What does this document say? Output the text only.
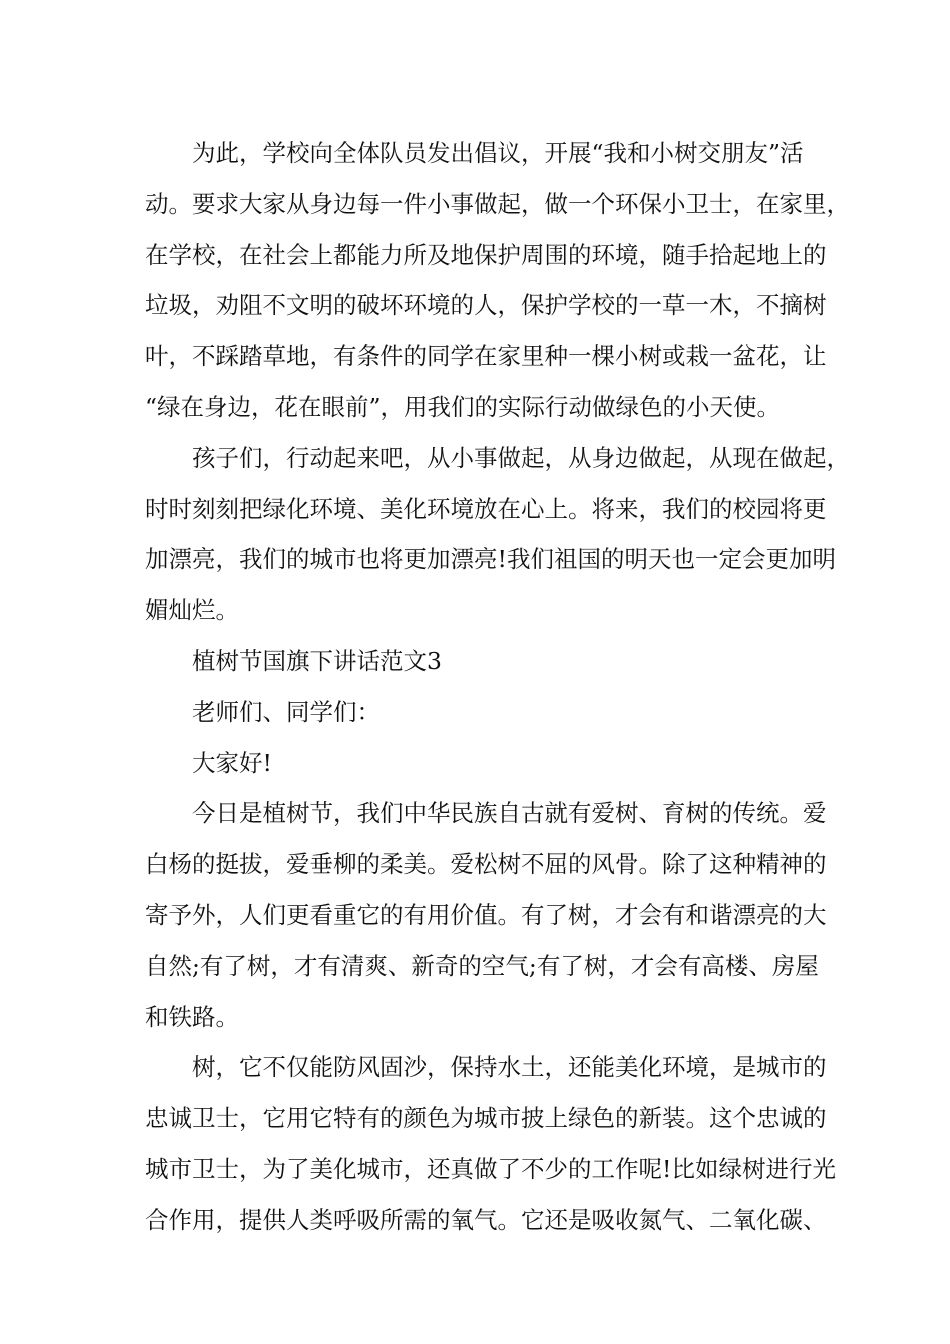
为此，学校向全体队员发出倡议，开展“我和小树交朋友”活
动。要求大家从身边每一件小事做起，做一个环保小卫士，在家里，
在学校，在社会上都能力所及地保护周围的环境，随手拾起地上的
垃圾，劝阻不文明的破坏环境的人，保护学校的一草一木，不摘树
叶，不踩踏草地，有条件的同学在家里种一棵小树或栽一盆花，让
“绿在身边，花在眼前”，用我们的实际行动做绿色的小天使。

孩子们，行动起来吧，从小事做起，从身边做起，从现在做起，
时时刻刻把绿化环境、美化环境放在心上。将来，我们的校园将更
加漂亮，我们的城市也将更加漂亮!我们祖国的明天也一定会更加明
媚灿烂。

植树节国旗下讲话范文3

老师们、同学们：

大家好!

今日是植树节，我们中华民族自古就有爱树、育树的传统。爱
白杨的挺拔，爱垂柳的柔美。爱松树不屈的风骨。除了这种精神的
寄予外，人们更看重它的有用价值。有了树，才会有和谐漂亮的大
自然;有了树，才有清爽、新奇的空气;有了树，才会有高楼、房屋
和铁路。

树，它不仅能防风固沙，保持水土，还能美化环境，是城市的
忠诚卫士，它用它特有的颜色为城市披上绿色的新装。这个忠诚的
城市卫士，为了美化城市，还真做了不少的工作呢!比如绿树进行光
合作用，提供人类呼吸所需的氧气。它还是吸收氮气、二氧化碳、
